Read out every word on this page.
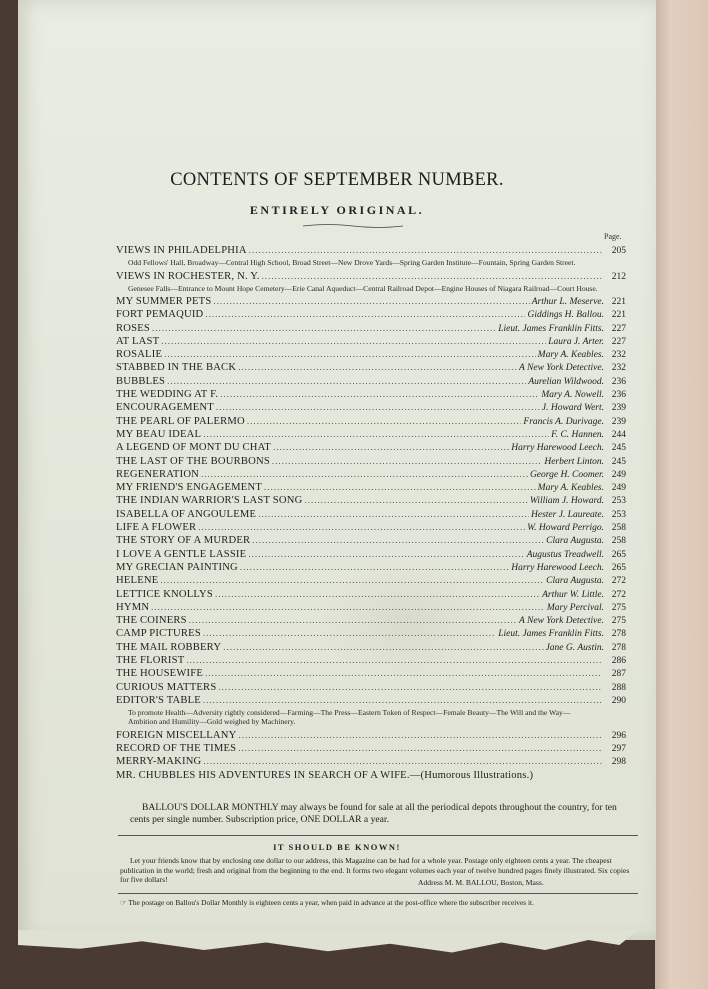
CONTENTS OF SEPTEMBER NUMBER.
ENTIRELY ORIGINAL.
Page.
VIEWS IN PHILADELPHIA .....	205
Odd Fellows' Hall, Broadway—Central High School, Broad Street—New Drove Yards—Spring Garden Institute—Fountain, Spring Garden Street.
VIEWS IN ROCHESTER, N. Y. .....	212
Genesee Falls—Entrance to Mount Hope Cemetery—Erie Canal Aqueduct—Central Railroad Depot—Engine Houses of Niagara Railroad—Court House.
MY SUMMER PETS .....	Arthur L. Meserve. 221
FORT PEMAQUID .....	Giddings H. Ballou. 221
ROSES .....	Lieut. James Franklin Fitts. 227
AT LAST .....	Laura J. Arter. 227
ROSALIE .....	Mary A. Keables. 232
STABBED IN THE BACK .....	A New York Detective. 232
BUBBLES .....	Aurelian Wildwood. 236
THE WEDDING AT F. .....	Mary A. Nowell. 236
ENCOURAGEMENT .....	J. Howard Wert. 239
THE PEARL OF PALERMO .....	Francis A. Durivage. 239
MY BEAU IDEAL .....	F. C. Hannen. 244
A LEGEND OF MONT DU CHAT .....	Harry Harewood Leech. 245
THE LAST OF THE BOURBONS .....	Herbert Linton. 245
REGENERATION .....	George H. Coomer. 249
MY FRIEND'S ENGAGEMENT .....	Mary A. Keables. 249
THE INDIAN WARRIOR'S LAST SONG .....	William J. Howard. 253
ISABELLA OF ANGOULEME .....	Hester J. Laureate. 253
LIFE A FLOWER .....	W. Howard Perrigo. 258
THE STORY OF A MURDER .....	Clara Augusta. 258
I LOVE A GENTLE LASSIE .....	Augustus Treadwell. 265
MY GRECIAN PAINTING .....	Harry Harewood Leech. 265
HELENE .....	Clara Augusta. 272
LETTICE KNOLLYS .....	Arthur W. Little. 272
HYMN .....	Mary Percival. 275
THE COINERS .....	A New York Detective. 275
CAMP PICTURES .....	Lieut. James Franklin Fitts. 278
THE MAIL ROBBERY .....	Jane G. Austin. 278
THE FLORIST .....	286
THE HOUSEWIFE .....	287
CURIOUS MATTERS .....	288
EDITOR'S TABLE .....	290
To promote Health—Adversity rightly considered—Farming—The Press—Eastern Token of Respect—Female Beauty—The Will and the Way—Ambition and Humility—Gold weighed by Machinery.
FOREIGN MISCELLANY .....	296
RECORD OF THE TIMES .....	297
MERRY-MAKING .....	298
MR. CHUBBLES HIS ADVENTURES IN SEARCH OF A WIFE.—(Humorous Illustrations.)
BALLOU'S DOLLAR MONTHLY may always be found for sale at all the periodical depots throughout the country, for ten cents per single number. Subscription price, ONE DOLLAR a year.
IT SHOULD BE KNOWN!
Let your friends know that by enclosing one dollar to our address, this Magazine can be had for a whole year. Postage only eighteen cents a year. The cheapest publication in the world; fresh and original from the beginning to the end. It forms two elegant volumes each year of twelve hundred pages finely illustrated. Six copies for five dollars!	Address M. M. BALLOU, Boston, Mass.
☞ The postage on Ballou's Dollar Monthly is eighteen cents a year, when paid in advance at the post-office where the subscriber receives it.
